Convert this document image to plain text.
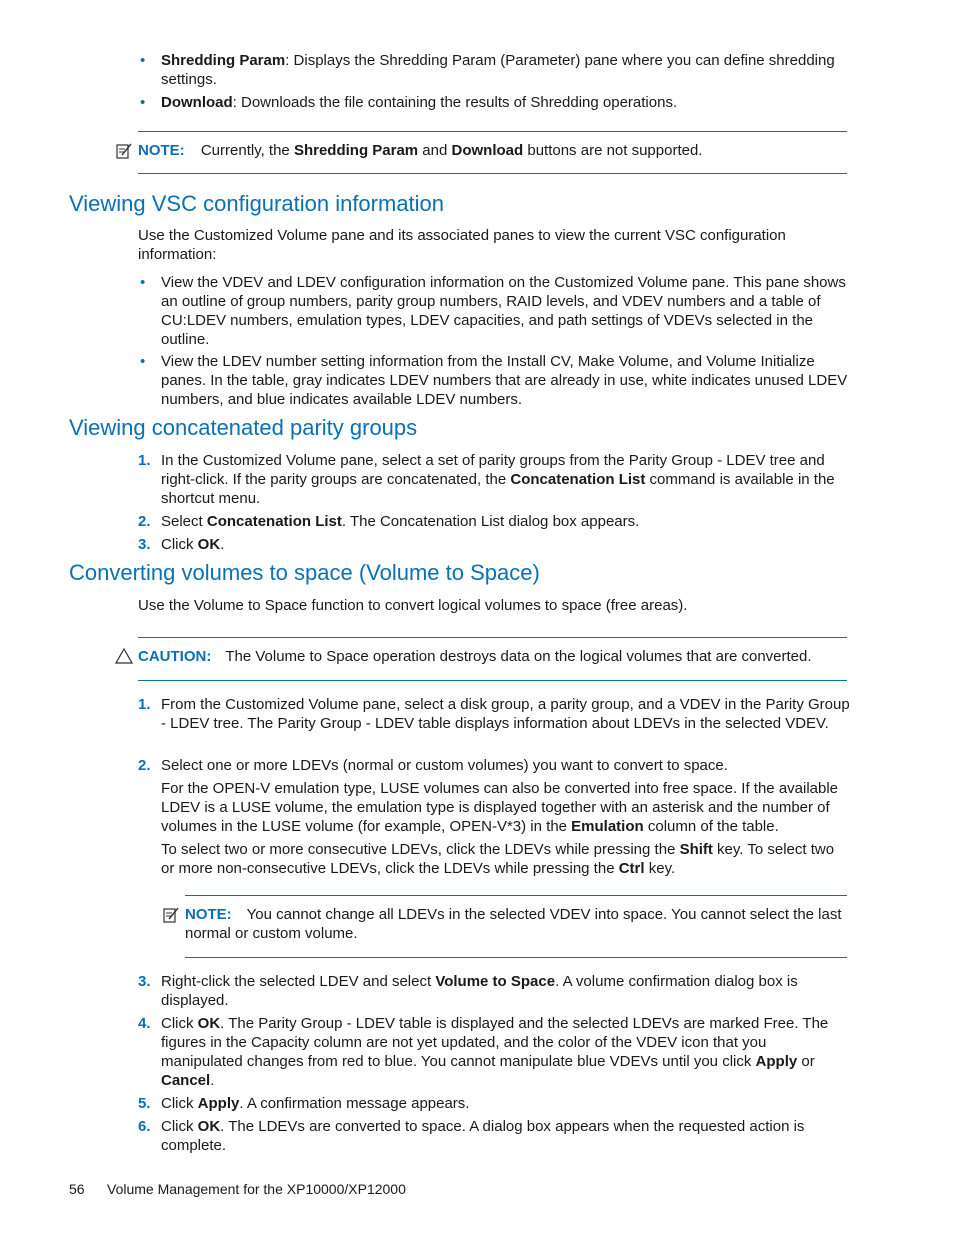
• Shredding Param: Displays the Shredding Param (Parameter) pane where you can define shredding settings.
• Download: Downloads the file containing the results of Shredding operations.
NOTE: Currently, the Shredding Param and Download buttons are not supported.
Viewing VSC configuration information
Use the Customized Volume pane and its associated panes to view the current VSC configuration information:
• View the VDEV and LDEV configuration information on the Customized Volume pane. This pane shows an outline of group numbers, parity group numbers, RAID levels, and VDEV numbers and a table of CU:LDEV numbers, emulation types, LDEV capacities, and path settings of VDEVs selected in the outline.
• View the LDEV number setting information from the Install CV, Make Volume, and Volume Initialize panes. In the table, gray indicates LDEV numbers that are already in use, white indicates unused LDEV numbers, and blue indicates available LDEV numbers.
Viewing concatenated parity groups
1. In the Customized Volume pane, select a set of parity groups from the Parity Group - LDEV tree and right-click. If the parity groups are concatenated, the Concatenation List command is available in the shortcut menu.
2. Select Concatenation List. The Concatenation List dialog box appears.
3. Click OK.
Converting volumes to space (Volume to Space)
Use the Volume to Space function to convert logical volumes to space (free areas).
CAUTION: The Volume to Space operation destroys data on the logical volumes that are converted.
1. From the Customized Volume pane, select a disk group, a parity group, and a VDEV in the Parity Group - LDEV tree. The Parity Group - LDEV table displays information about LDEVs in the selected VDEV.
2. Select one or more LDEVs (normal or custom volumes) you want to convert to space.
For the OPEN-V emulation type, LUSE volumes can also be converted into free space. If the available LDEV is a LUSE volume, the emulation type is displayed together with an asterisk and the number of volumes in the LUSE volume (for example, OPEN-V*3) in the Emulation column of the table.
To select two or more consecutive LDEVs, click the LDEVs while pressing the Shift key. To select two or more non-consecutive LDEVs, click the LDEVs while pressing the Ctrl key.
NOTE: You cannot change all LDEVs in the selected VDEV into space. You cannot select the last normal or custom volume.
3. Right-click the selected LDEV and select Volume to Space. A volume confirmation dialog box is displayed.
4. Click OK. The Parity Group - LDEV table is displayed and the selected LDEVs are marked Free. The figures in the Capacity column are not yet updated, and the color of the VDEV icon that you manipulated changes from red to blue. You cannot manipulate blue VDEVs until you click Apply or Cancel.
5. Click Apply. A confirmation message appears.
6. Click OK. The LDEVs are converted to space. A dialog box appears when the requested action is complete.
56 Volume Management for the XP10000/XP12000
